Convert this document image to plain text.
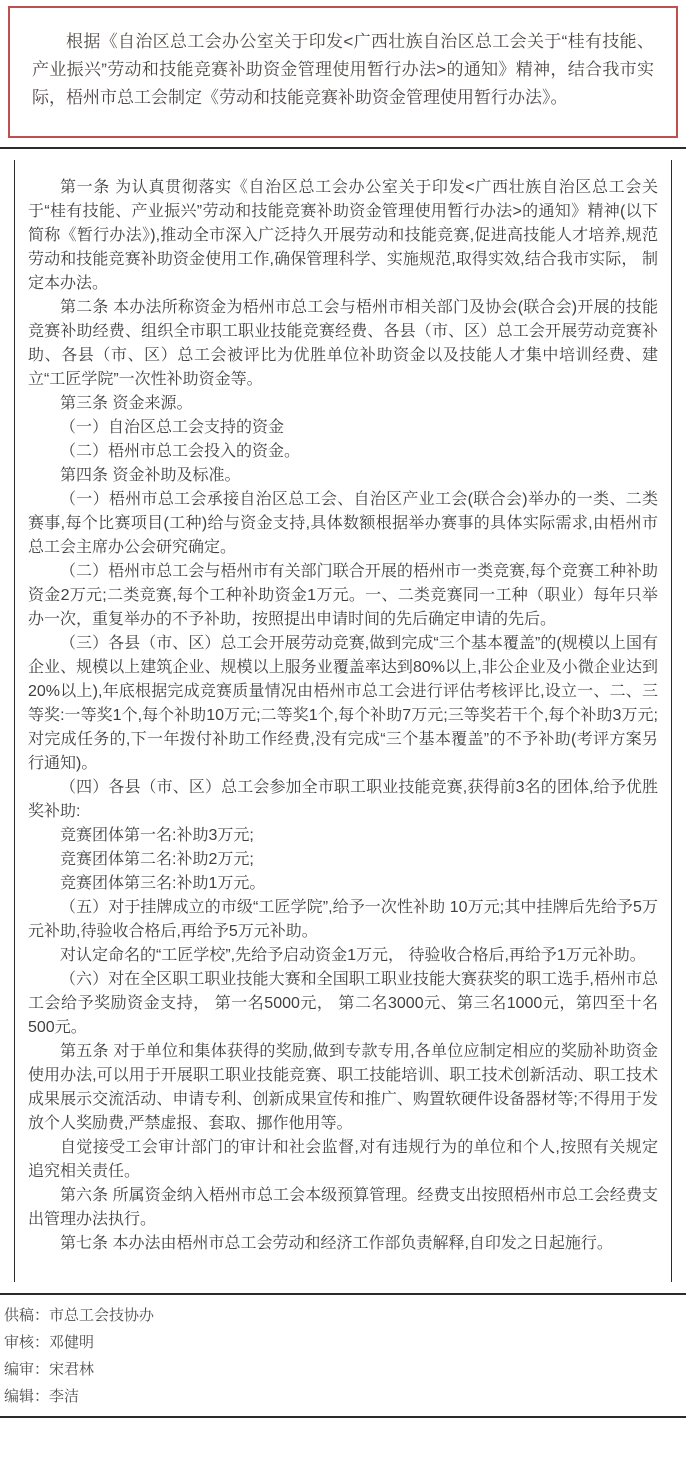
根据《自治区总工会办公室关于印发<广西壮族自治区总工会关于“桂有技能、产业振兴”劳动和技能竞赛补助资金管理使用暂行办法>的通知》精神，结合我市实际，梧州市总工会制定《劳动和技能竞赛补助资金管理使用暂行办法》。

第一条 为认真贯彻落实《自治区总工会办公室关于印发<广西壮族自治区总工会关于“桂有技能、产业振兴”劳动和技能竞赛补助资金管理使用暂行办法>的通知》精神(以下简称《暂行办法》),推动全市深入广泛持久开展劳动和技能竞赛,促进高技能人才培养,规范劳动和技能竞赛补助资金使用工作,确保管理科学、实施规范,取得实效,结合我市实际， 制定本办法。

第二条 本办法所称资金为梧州市总工会与梧州市相关部门及协会(联合会)开展的技能竞赛补助经费、组织全市职工职业技能竞赛经费、各县（市、区）总工会开展劳动竞赛补助、各县（市、区）总工会被评比为优胜单位补助资金以及技能人才集中培训经费、建立“工匠学院”一次性补助资金等。

第三条 资金来源。

（一）自治区总工会支持的资金

（二）梧州市总工会投入的资金。

第四条 资金补助及标准。

（一）梧州市总工会承接自治区总工会、自治区产业工会(联合会)举办的一类、二类赛事,每个比赛项目(工种)给与资金支持,具体数额根据举办赛事的具体实际需求,由梧州市总工会主席办公会研究确定。

（二）梧州市总工会与梧州市有关部门联合开展的梧州市一类竞赛,每个竞赛工种补助资金2万元;二类竞赛,每个工种补助资金1万元。一、二类竞赛同一工种（职业）每年只举办一次，重复举办的不予补助，按照提出申请时间的先后确定申请的先后。

（三）各县（市、区）总工会开展劳动竞赛,做到完成“三个基本覆盖”的(规模以上国有企业、规模以上建筑企业、规模以上服务业覆盖率达到80%以上,非公企业及小微企业达到20%以上),年底根据完成竞赛质量情况由梧州市总工会进行评估考核评比,设立一、二、三等奖:一等奖1个,每个补助10万元;二等奖1个,每个补助7万元;三等奖若干个,每个补助3万元;对完成任务的,下一年拨付补助工作经费,没有完成“三个基本覆盖”的不予补助(考评方案另行通知)。

（四）各县（市、区）总工会参加全市职工职业技能竞赛,获得前3名的团体,给予优胜奖补助:

竞赛团体第一名:补助3万元;

竞赛团体第二名:补助2万元;

竞赛团体第三名:补助1万元。

（五）对于挂牌成立的市级“工匠学院”,给予一次性补助 10万元;其中挂牌后先给予5万元补助,待验收合格后,再给予5万元补助。

对认定命名的“工匠学校”,先给予启动资金1万元， 待验收合格后,再给予1万元补助。

（六）对在全区职工职业技能大赛和全国职工职业技能大赛获奖的职工选手,梧州市总工会给予奖励资金支持， 第一名5000元， 第二名3000元、第三名1000元，第四至十名500元。

第五条 对于单位和集体获得的奖励,做到专款专用,各单位应制定相应的奖励补助资金使用办法,可以用于开展职工职业技能竞赛、职工技能培训、职工技术创新活动、职工技术成果展示交流活动、申请专利、创新成果宣传和推广、购置软硬件设备器材等;不得用于发放个人奖励费,严禁虚报、套取、挪作他用等。

自觉接受工会审计部门的审计和社会监督,对有违规行为的单位和个人,按照有关规定追究相关责任。

第六条 所属资金纳入梧州市总工会本级预算管理。经费支出按照梧州市总工会经费支出管理办法执行。

第七条 本办法由梧州市总工会劳动和经济工作部负责解释,自印发之日起施行。

供稿：市总工会技协办
审核：邓健明
编审：宋君林
编辑：李洁
